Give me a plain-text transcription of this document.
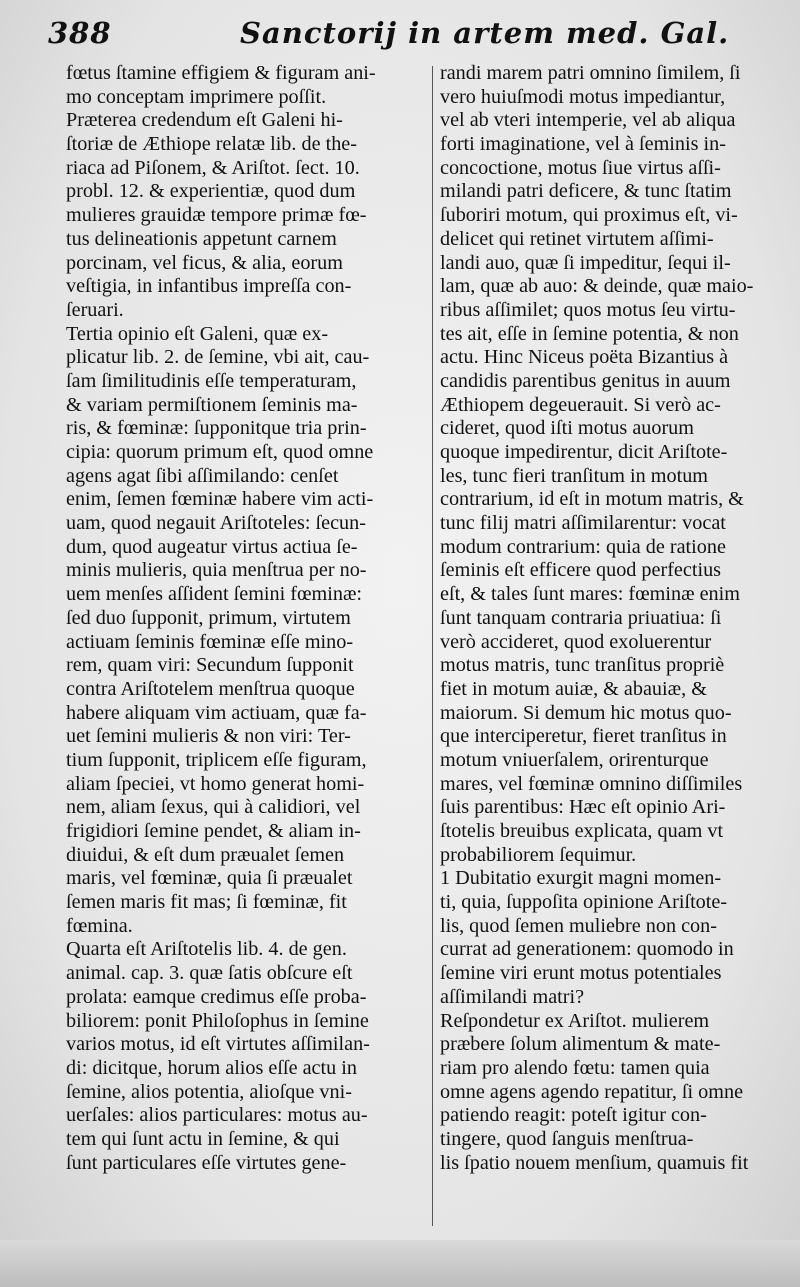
388	Sanctorij in artem med. Gal.
fœtus ſtamine effigiem & figuram ani-
mo conceptam imprimere poſſit.
Præterea credendum eſt Galeni hi-
ſtoriæ de Æthiope relatæ lib. de the-
riaca ad Piſonem, & Ariſtot. ſect. 10.
probl. 12. & experientiæ, quod dum
mulieres grauidæ tempore primæ fœ-
tus delineationis appetunt carnem
porcinam, vel ficus, & alia, eorum
veſtigia, in infantibus impreſſa con-
ſeruari.
Tertia opinio eſt Galeni, quæ ex-
plicatur lib. 2. de ſemine, vbi ait, cau-
ſam ſimilitudinis eſſe temperaturam,
& variam permiſtionem ſeminis ma-
ris, & fœminæ: ſupponitque tria prin-
cipia: quorum primum eſt, quod omne
agens agat ſibi aſſimilando: cenſet
enim, ſemen fœminæ habere vim acti-
uam, quod negauit Ariſtoteles: ſecun-
dum, quod augeatur virtus actiua ſe-
minis mulieris, quia menſtrua per no-
uem menſes aſſident ſemini fœminæ:
ſed duo ſupponit, primum, virtutem
actiuam ſeminis fœminæ eſſe mino-
rem, quam viri: Secundum ſupponit
contra Ariſtotelem menſtrua quoque
habere aliquam vim actiuam, quæ fa-
uet ſemini mulieris & non viri: Ter-
tium ſupponit, triplicem eſſe figuram,
aliam ſpeciei, vt homo generat homi-
nem, aliam ſexus, qui à calidiori, vel
frigidiori ſemine pendet, & aliam in-
diuidui, & eſt dum præualet ſemen
maris, vel fœminæ, quia ſi præualet
ſemen maris fit mas; ſi fœminæ, fit
fœmina.
Quarta eſt Ariſtotelis lib. 4. de gen.
animal. cap. 3. quæ ſatis obſcure eſt
prolata: eamque credimus eſſe proba-
biliorem: ponit Philoſophus in ſemine
varios motus, id eſt virtutes aſſimilan-
di: dicitque, horum alios eſſe actu in
ſemine, alios potentia, alioſque vni-
uerſales: alios particulares: motus au-
tem qui ſunt actu in ſemine, & qui
ſunt particulares eſſe virtutes gene-
randi marem patri omnino ſimilem, ſi
vero huiuſmodi motus impediantur,
vel ab vteri intemperie, vel ab aliqua
forti imaginatione, vel à ſeminis in-
concoctione, motus ſiue virtus aſſi-
milandi patri deficere, & tunc ſtatim
ſuboriri motum, qui proximus eſt, vi-
delicet qui retinet virtutem aſſimi-
landi auo, quæ ſi impeditur, ſequi il-
lam, quæ ab auo: & deinde, quæ maio-
ribus aſſimilet; quos motus ſeu virtu-
tes ait, eſſe in ſemine potentia, & non
actu. Hinc Niceus poëta Bizantius à
candidis parentibus genitus in auum
Æthiopem degeuerauit. Si verò ac-
cideret, quod iſti motus auorum
quoque impedirentur, dicit Ariſtote-
les, tunc fieri tranſitum in motum
contrarium, id eſt in motum matris, &
tunc filij matri aſſimilarentur: vocat
modum contrarium: quia de ratione
ſeminis eſt efficere quod perfectius
eſt, & tales ſunt mares: fœminæ enim
ſunt tanquam contraria priuatiua: ſi
verò accideret, quod exoluerentur
motus matris, tunc tranſitus propriè
fiet in motum auiæ, & abauiæ, &
maiorum. Si demum hic motus quo-
que interciperetur, fieret tranſitus in
motum vniuerſalem, orirenturque
mares, vel fœminæ omnino diſſimiles
ſuis parentibus: Hæc eſt opinio Ari-
ſtotelis breuibus explicata, quam vt
probabiliorem ſequimur.
1 Dubitatio exurgit magni momen-
ti, quia, ſuppoſita opinione Ariſtote-
lis, quod ſemen muliebre non con-
currat ad generationem: quomodo in
ſemine viri erunt motus potentiales
aſſimilandi matri?
Reſpondetur ex Ariſtot. mulierem
præbere ſolum alimentum & mate-
riam pro alendo fœtu: tamen quia
omne agens agendo repatitur, ſi omne
patiendo reagit: poteſt igitur con-
tingere, quod ſanguis menſtrua-
lis ſpatio nouem menſium, quamuis fit
